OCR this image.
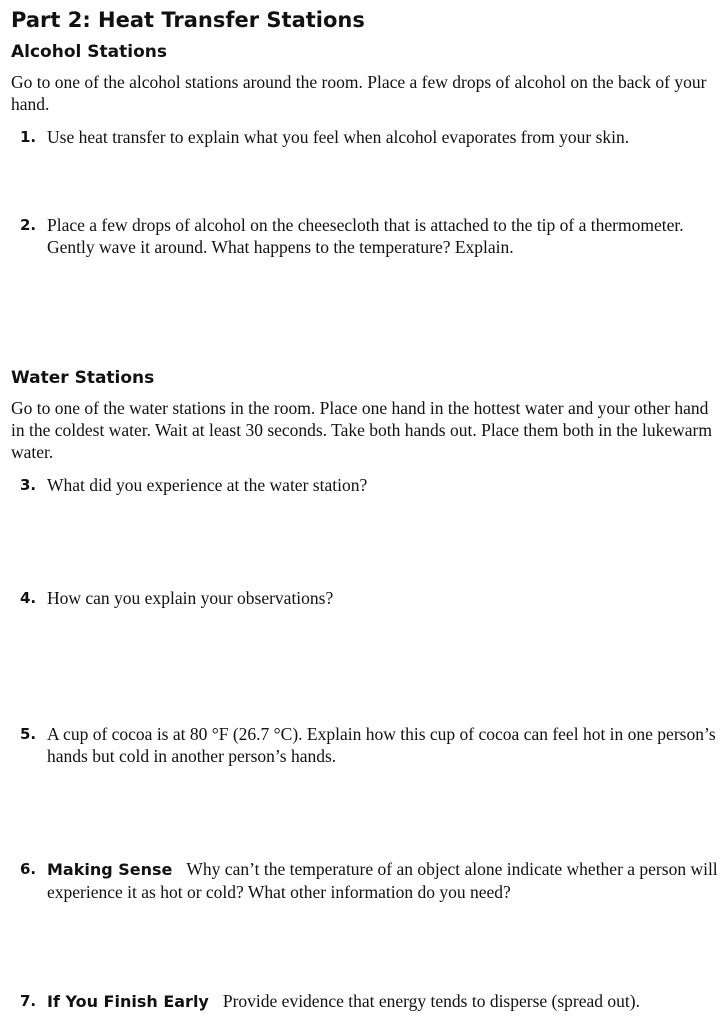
Part 2: Heat Transfer Stations
Alcohol Stations
Go to one of the alcohol stations around the room. Place a few drops of alcohol on the back of your hand.
1. Use heat transfer to explain what you feel when alcohol evaporates from your skin.
2. Place a few drops of alcohol on the cheesecloth that is attached to the tip of a thermometer. Gently wave it around. What happens to the temperature? Explain.
Water Stations
Go to one of the water stations in the room. Place one hand in the hottest water and your other hand in the coldest water. Wait at least 30 seconds. Take both hands out. Place them both in the lukewarm water.
3. What did you experience at the water station?
4. How can you explain your observations?
5. A cup of cocoa is at 80 °F (26.7 °C). Explain how this cup of cocoa can feel hot in one person’s hands but cold in another person’s hands.
6. Making Sense Why can’t the temperature of an object alone indicate whether a person will experience it as hot or cold? What other information do you need?
7. If You Finish Early Provide evidence that energy tends to disperse (spread out).
